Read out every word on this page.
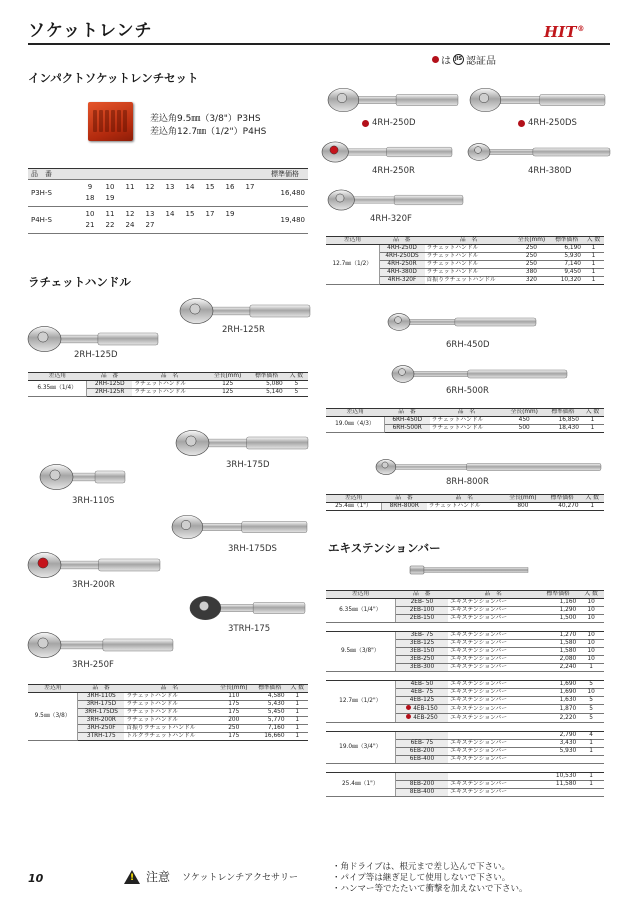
ソケットレンチ	HIT®
は JIS 認証品
インパクトソケットレンチセット
差込角9.5㎜（3/8"）P3HS
差込角12.7㎜（1/2"）P4HS
品　番		標準価格
P3H-S	9 10 11 12 13 14 15 16 17
18 19	16,480
P4H-S	10 11 12 13 14 15 17 19
21 22 24 27	19,480
ラチェットハンドル
2RH-125R
2RH-125D
差込角	品　番	品　名	全長(mm)	標準価格	入 数
6.35㎜（1/4）	2RH-125D	ラチェットハンドル	125	5,080	5
	2RH-125R	ラチェットハンドル	125	5,140	5
3RH-175D
3RH-110S
3RH-175DS
3RH-200R
3TRH-175
3RH-250F
差込角	品　番	品　名	全長(mm)	標準価格	入 数
9.5㎜（3/8）	3RH-110S	ラチェットハンドル	110	4,580	1
	3RH-175D	ラチェットハンドル	175	5,430	1
	3RH-175DS	ラチェットハンドル	175	5,450	1
	3RH-200R	ラチェットハンドル	200	5,770	1
	3RH-250F	首振りラチェットハンドル	250	7,160	1
	3TRH-175	トルクラチェットハンドル	175	16,660	1
4RH-250D	4RH-250DS
4RH-250R	4RH-380D
4RH-320F
差込角	品　番	品　名	全長(mm)	標準価格	入 数
12.7㎜（1/2）	4RH-250D	ラチェットハンドル	250	6,190	1
	4RH-250DS	ラチェットハンドル	250	5,930	1
	4RH-250R	ラチェットハンドル	250	7,140	1
	4RH-380D	ラチェットハンドル	380	9,450	1
	4RH-320F	首振りラチェットハンドル	320	10,320	1
6RH-450D
6RH-500R
差込角	品　番	品　名	全長(mm)	標準価格	入 数
19.0㎜（4/3）	6RH-450D	ラチェットハンドル	450	16,850	1
	6RH-500R	ラチェットハンドル	500	18,430	1
8RH-800R
差込角	品　番	品　名	全長(mm)	標準価格	入 数
25.4㎜（1"）	8RH-800R	ラチェットハンドル	800	40,270	1
エキステンションバー
差込角	品　番	品　名	標準価格	入 数
6.35㎜（1/4"）	2EB- 50	エキステンションバー	1,160	10
	2EB-100	エキステンションバー	1,290	10
	2EB-150	エキステンションバー	1,500	10

9.5㎜（3/8"）	3EB- 75	エキステンションバー	1,270	10
	3EB-125	エキステンションバー	1,580	10
	3EB-150	エキステンションバー	1,580	10
	3EB-250	エキステンションバー	2,080	10
	3EB-300	エキステンションバー	2,240	1

12.7㎜（1/2"）	4EB- 50	エキステンションバー	1,690	5
	4EB- 75	エキステンションバー	1,690	10
	4EB-125	エキステンションバー	1,630	5
	4EB-150	エキステンションバー	1,870	5
	4EB-250	エキステンションバー	2,220	5

19.0㎜（3/4"）			2,790	4
	6EB- 75	エキステンションバー	3,430	1
	6EB-200	エキステンションバー	5,930	1
	6EB-400	エキステンションバー		

25.4㎜（1"）			10,530	1
	8EB-200	エキステンションバー	11,580	1
	8EB-400	エキステンションバー		
10 !	注意 ソケットレンチアクセサリー
・角ドライブは、根元まで差し込んで下さい。
・パイプ等は継ぎ足して使用しないで下さい。
・ハンマー等でたたいて衝撃を加えないで下さい。
